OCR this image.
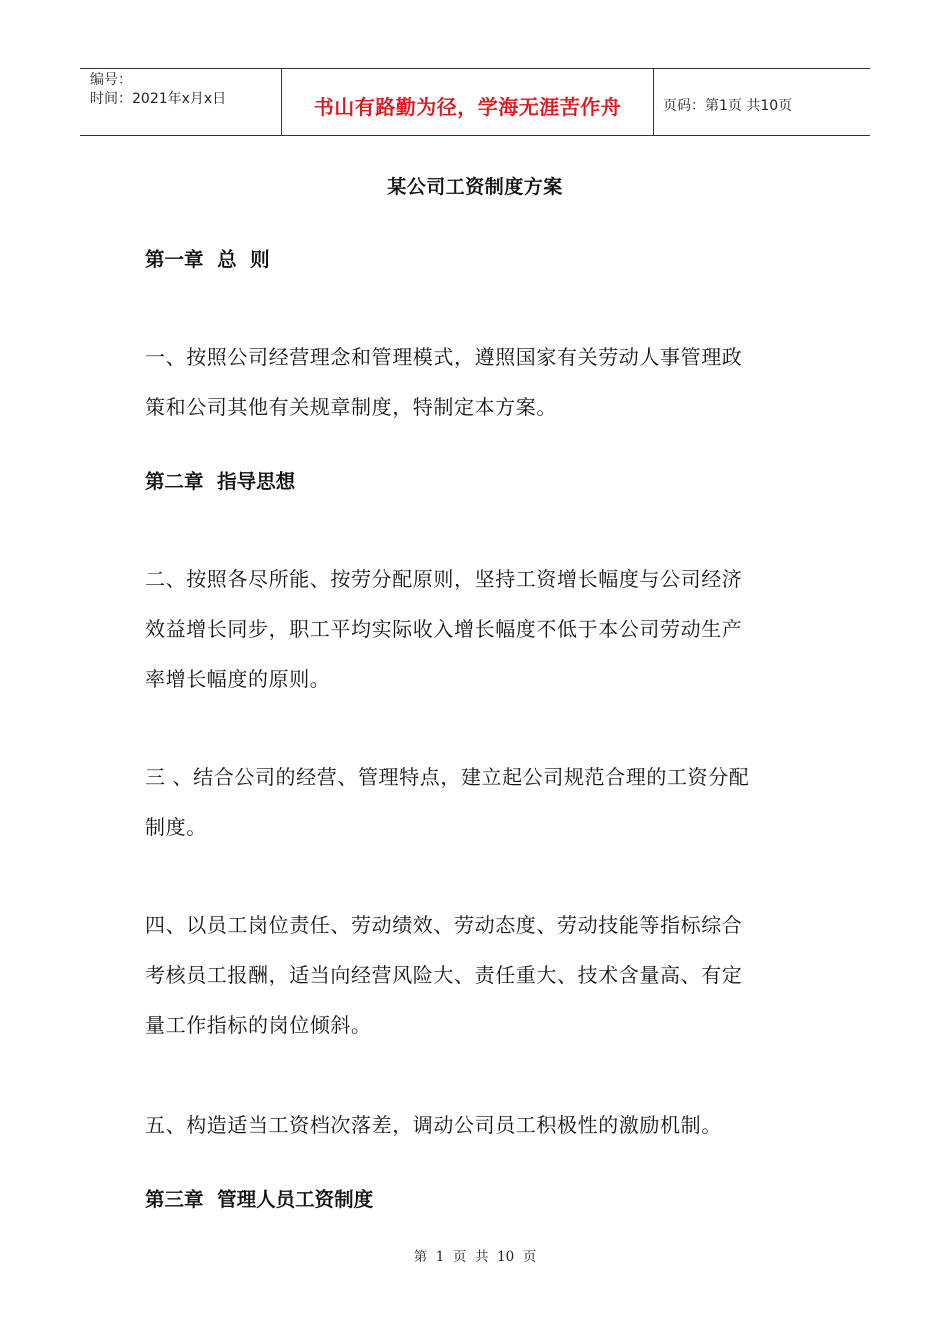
编号：
时间：2021年x月x日	书山有路勤为径，学海无涯苦作舟	页码：第1页 共10页
某公司工资制度方案
第一章  总  则
一、按照公司经营理念和管理模式，遵照国家有关劳动人事管理政
策和公司其他有关规章制度，特制定本方案。
第二章  指导思想
二、按照各尽所能、按劳分配原则，坚持工资增长幅度与公司经济
效益增长同步，职工平均实际收入增长幅度不低于本公司劳动生产
率增长幅度的原则。
三 、结合公司的经营、管理特点，建立起公司规范合理的工资分配
制度。
四、以员工岗位责任、劳动绩效、劳动态度、劳动技能等指标综合
考核员工报酬，适当向经营风险大、责任重大、技术含量高、有定
量工作指标的岗位倾斜。
五、构造适当工资档次落差，调动公司员工积极性的激励机制。
第三章  管理人员工资制度
第  1  页  共  10  页
